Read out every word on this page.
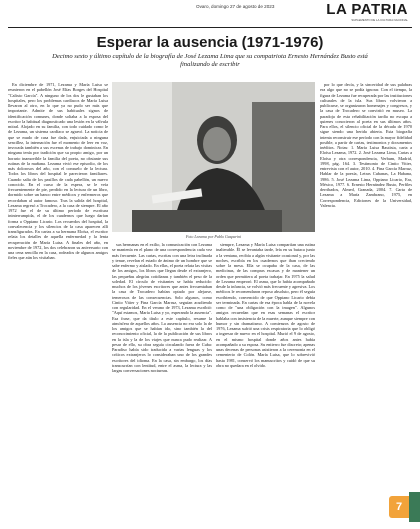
Ovaro, domingo 27 de agosto de 2023	LA PATRIA
SUPLEMENTO DE LA CULTURA NACIONAL
Esperar la ausencia (1971-1976)
Decimo sexto y último capítulo de la biografía de José Lezama Lima que su compatriota Ernesto Hernández Busto está finalizando de escribir

En diciembre de 1971, Lezama y María Luisa se reunieron en el pabellón José Elías Borges del Hospital "Calixto García". A ninguno de los dos le gustaban los hospitales, pero los problemas cardíacos de María Luisa llevaron al otro, en lo que ya no pudo ser más que importante. Admite de sus habituales signos de identificación comunes, donde soltaba a la esposa del escritor la habitual diagnosticado una lesión en la válvula mitral. Alojado en su familia, con todo cuidado como le de Lezama, un sistema cardíaco se agravó. La noticia de que se mudo de casa fue dada, enjuiciada a ninguna sencillez, la internación fue el momento de leer en voz, invocada también a sus escenas de trabajo dominicar. En ninguna tenía por tradición que su propio amigo, por un horario inamovible la familia del poeta, no obstante sus rutinas de la mañana. Lezama vivió ese episodio, de los más dolorosos del año, con el consuelo de la lectura. Todos los libros del hospital le parecieron familiares. Cuando salía de los pasillos de cada pabellón, un nuevo conocido. En el curso de la espera, se le veía frecuentemente de pie, perdido en la lectura de un libro, dormido sobre un banco entre médicos y enfermeros que recordaban al autor famoso. Tras la salida del hospital, Lezama regresó a Trocadero, a la casa de siempre. El año 1972 fue el de su último período de escritura ininterrumpida, el de los cuadernos que luego darían forma a Oppiano Licario. Los recuerdos del hospital, la convalecencia y los silencios de la casa aparecen allí transfigurados. En cartas a su hermana Eloísa, el escritor relata los detalles de aquella enfermedad y la lenta recuperación de María Luisa. A finales del año, en noviembre de 1972, los dos celebraron su aniversario con una cena sencilla en la casa, rodeados de algunos amigos fieles que aún los visitaban.

Foto Lezama por Pablo Gasparini

sus hermanas en el exilio, la comunicación con Lezama se mantenía en el plano de una correspondencia cada vez más frecuente. Las cartas, escritas con una letra inclinada y tenue, revelan el estado de ánimo de un hombre que se sabe enfermo y aislado. En ellas, el poeta relata las visitas de los amigos, los libros que llegan desde el extranjero, las pequeñas alegrías cotidianas y también el peso de la soledad. El círculo de visitantes se había reducido: muchos de los jóvenes escritores que antes frecuentaban la casa de Trocadero habían optado por alejarse, temerosos de las consecuencias. Solo algunos, como Cintio Vitier y Fina García Marruz, seguían acudiendo con regularidad. En el verano de 1973, Lezama escribió: "Aquí estamos, María Luisa y yo, esperando la ausencia". Esa frase, que da título a este capítulo, resume la atmósfera de aquellos años. La ausencia no era solo la de los amigos que se habían ido, sino también la del reconocimiento oficial, la de la publicación de sus libros en la isla y la de los viajes que nunca pudo realizar. A pesar de ello, su obra seguía circulando fuera de Cuba: Paradiso había sido traducida a varias lenguas y los críticos extranjeros lo consideraban uno de los grandes escritores del idioma. En la casa, sin embargo, los días transcurrían con lentitud, entre el asma, la lectura y las largas conversaciones nocturnas.

siempre, Lezama y María Luisa compartían una rutina inalterable. Él se levantaba tarde, leía en su butaca junto a la ventana, recibía a algún visitante ocasional y, por las noches, escribía en los cuadernos que iban creciendo sobre la mesa. Ella se ocupaba de la casa, de las medicinas, de las compras escasas y de mantener un orden que permitiera al poeta trabajar. En 1975 la salud de Lezama empeoró. El asma, que lo había acompañado desde la infancia, se volvió más frecuente y agresiva. Los médicos le recomendaron reposo absoluto, pero él seguía escribiendo, convencido de que Oppiano Licario debía ser terminada. En cartas de esa época habla de la novela como de "una obligación con la imagen". Algunos amigos recuerdan que en esas semanas el escritor hablaba con insistencia de la muerte, aunque siempre con humor y sin dramatismo. A comienzos de agosto de 1976, Lezama sufrió una crisis respiratoria que lo obligó a ingresar de nuevo en el hospital. Murió el 9 de agosto, en el mismo hospital donde años antes había acompañado a su esposa. Su entierro fue discreto; apenas unas decenas de personas asistieron a la ceremonia en el cementerio de Colón. María Luisa, que lo sobrevivió hasta 1981, conservó los manuscritos y cuidó de que su obra no quedara en el olvido.

por lo que decía, y la sinceridad de sus palabras era algo que no se podía ignorar. Con el tiempo, la figura de Lezama fue recuperada por las instituciones culturales de la isla. Sus libros volvieron a publicarse, se organizaron homenajes y congresos, y la casa de Trocadero se convirtió en museo. La paradoja de esta rehabilitación tardía no escapa a quienes conocieron al poeta en sus últimos años. Para ellos, el silencio oficial de la década de 1970 sigue siendo una herida abierta. Esta biografía intenta reconstruir ese período con la mayor fidelidad posible, a partir de cartas, testimonios y documentos inéditos. Notas: 1. María Luisa Bautista, carta a Eloísa Lezama, 1972. 2. José Lezama Lima, Cartas a Eloísa y otra correspondencia, Verbum, Madrid, 1998, pág. 164. 3. Testimonio de Cintio Vitier, entrevista con el autor, 2010. 4. Fina García Marruz, Hablar de la poesía, Letras Cubanas, La Habana, 1986. 5. José Lezama Lima, Oppiano Licario, Era, México, 1977. 6. Ernesto Hernández Busto, Perfiles derribados, Almed, Granada, 2004. 7. Carta de Lezama a María Zambrano, 1975, en Correspondencia, Ediciones de la Universidad, Valencia.

7
